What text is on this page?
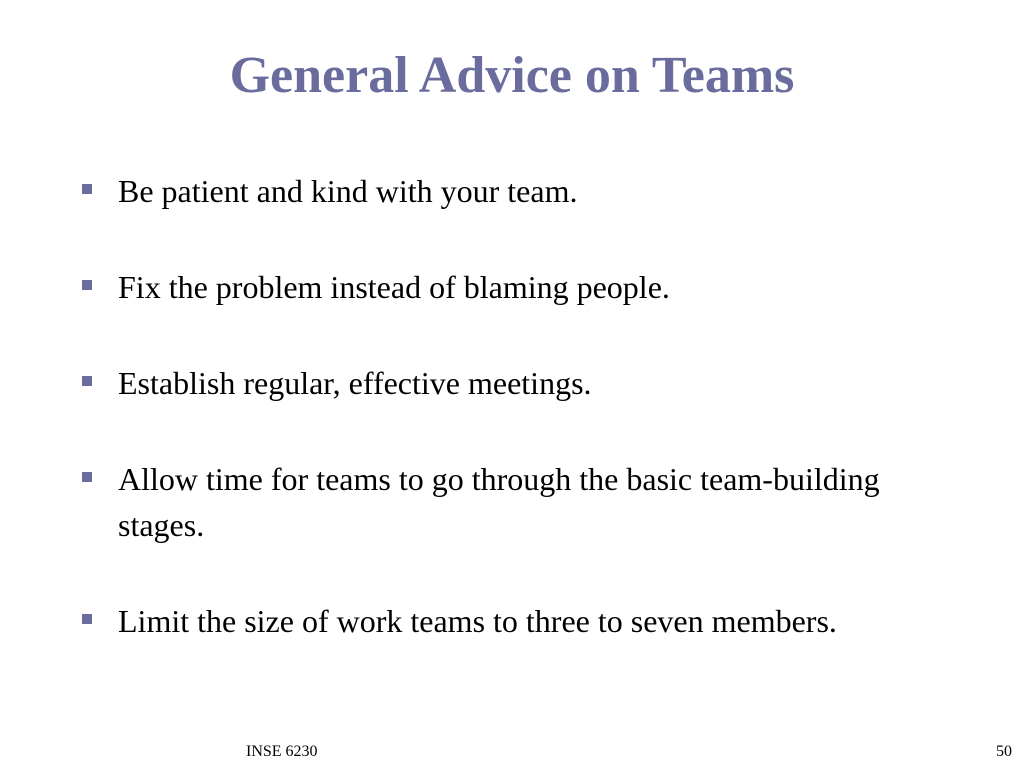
General Advice on Teams
Be patient and kind with your team.
Fix the problem instead of blaming people.
Establish regular, effective meetings.
Allow time for teams to go through the basic team-building stages.
Limit the size of work teams to three to seven members.
INSE 6230	50
